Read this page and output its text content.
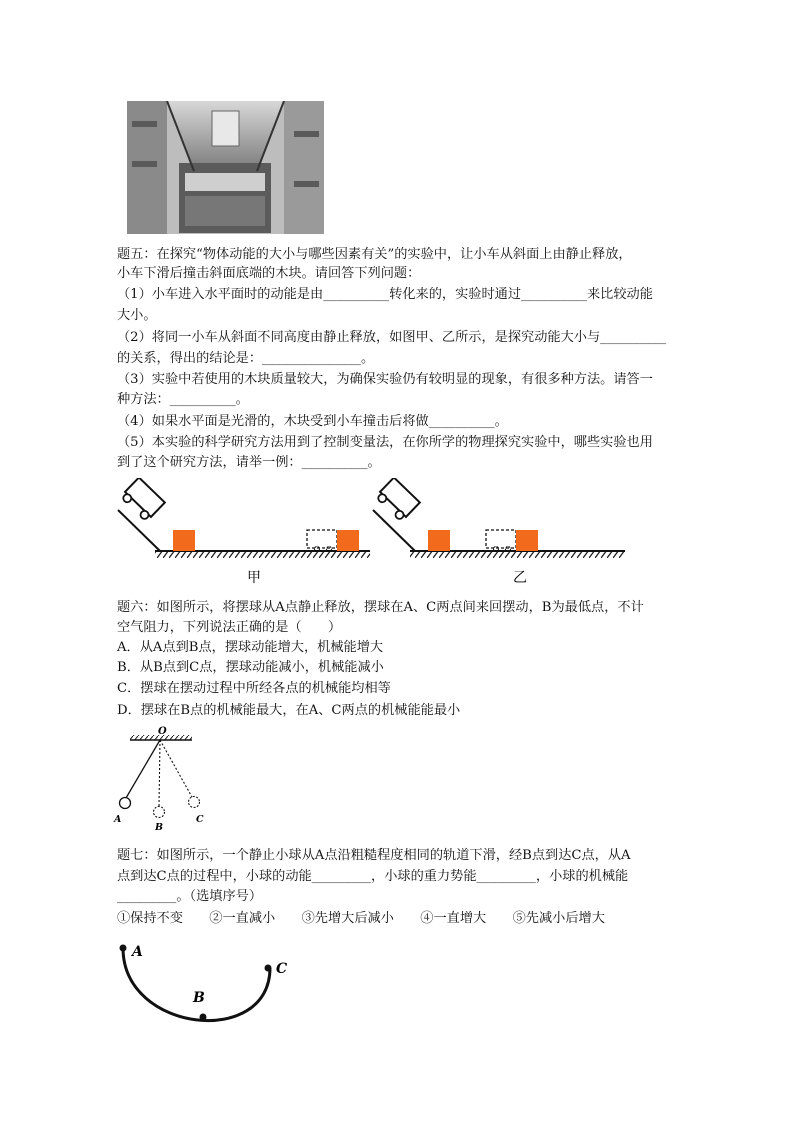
题五：在探究“物体动能的大小与哪些因素有关”的实验中，让小车从斜面上由静止释放，
小车下滑后撞击斜面底端的木块。请回答下列问题：
（1）小车进入水平面时的动能是由__________转化来的，实验时通过__________来比较动能
大小。
（2）将同一小车从斜面不同高度由静止释放，如图甲、乙所示，是探究动能大小与__________
的关系，得出的结论是：_______________。
（3）实验中若使用的木块质量较大，为确保实验仍有较明显的现象，有很多种方法。请答一
种方法：__________。
（4）如果水平面是光滑的，木块受到小车撞击后将做__________。
（5）本实验的科学研究方法用到了控制变量法，在你所学的物理探究实验中，哪些实验也用
到了这个研究方法，请举一例：__________。
甲	乙
题六：如图所示，将摆球从A点静止释放，摆球在A、C两点间来回摆动，B为最低点，不计
空气阻力，下列说法正确的是（　　）
A．从A点到B点，摆球动能增大，机械能增大
B．从B点到C点，摆球动能减小，机械能减小
C．摆球在摆动过程中所经各点的机械能均相等
D．摆球在B点的机械能最大，在A、C两点的机械能能最小
O
A
B
C
题七：如图所示，一个静止小球从A点沿粗糙程度相同的轨道下滑，经B点到达C点，从A
点到达C点的过程中，小球的动能_________，小球的重力势能_________，小球的机械能
_________。（选填序号）
①保持不变　　②一直减小　　③先增大后减小　　④一直增大　　⑤先减小后增大
A
B
C
